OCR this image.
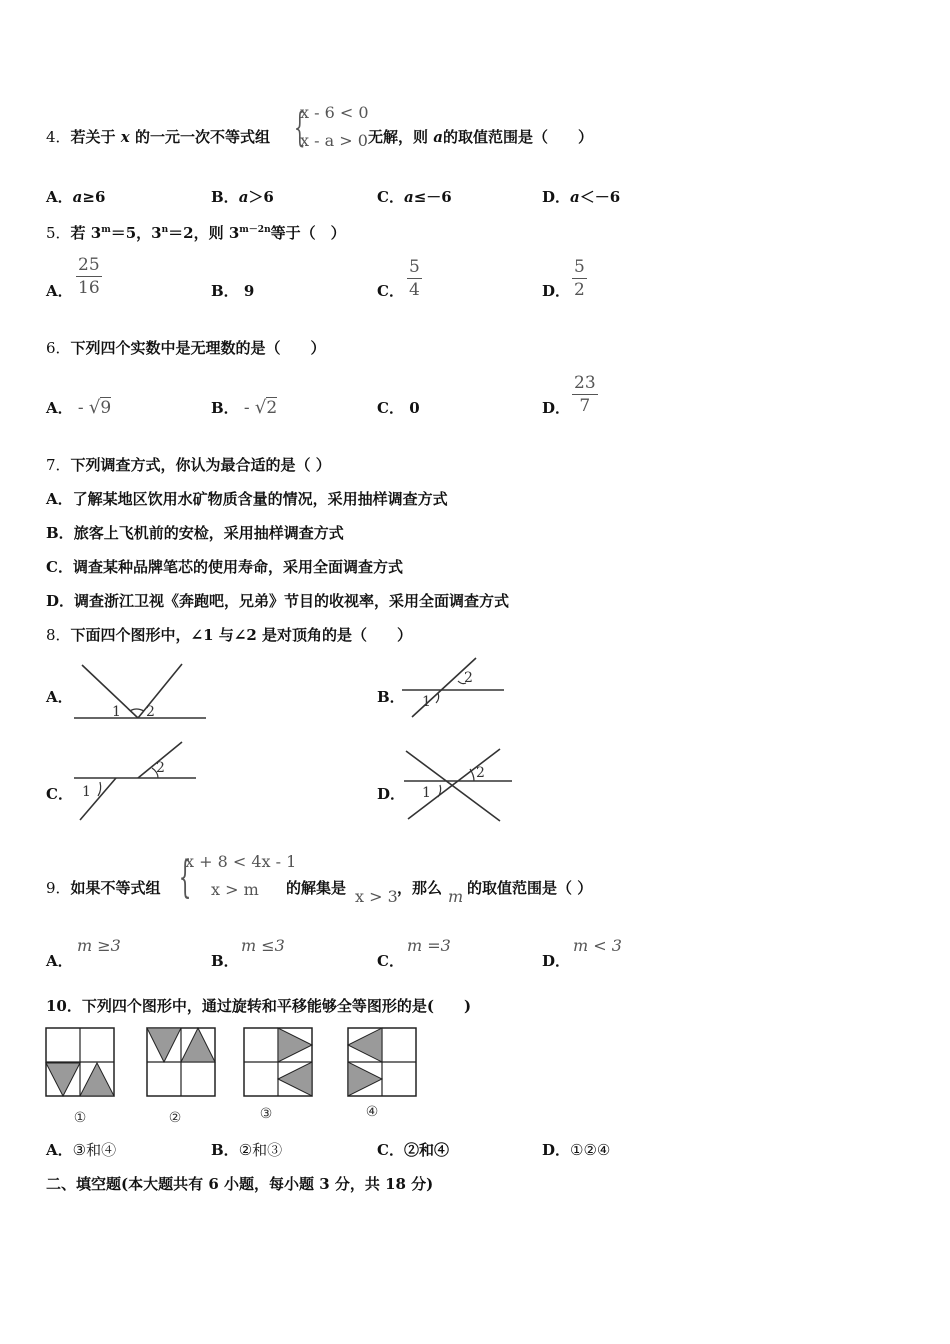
4．若关于 x 的一元一次不等式组 {
x - 6 < 0
x - a > 0 无解，则 a的取值范围是（　　）
A．a≥6	B．a＞6	C．a≤－6	D．a＜－6
5．若 $3^m=5$，$3^n=2$，则 $3^{m-2n}$等于（　）
A． $\frac{25}{16}$	B． 9	C． $\frac{5}{4}$	D． $\frac{5}{2}$
6．下列四个实数中是无理数的是（　　）
A． - √9	B． - √2	C． 0	D． $\frac{23}{7}$
7．下列调查方式，你认为最合适的是（ ）
A．了解某地区饮用水矿物质含量的情况，采用抽样调查方式
B．旅客上飞机前的安检，采用抽样调查方式
C．调查某种品牌笔芯的使用寿命，采用全面调查方式
D．调查浙江卫视《奔跑吧，兄弟》节目的收视率，采用全面调查方式
8．下面四个图形中，∠1 与∠2 是对顶角的是（　　）
A．
1 2
B． 1
2
C． 1
2
D． 1
2
9．如果不等式组 {
x + 8 < 4x - 1
x > m	的解集是 x > 3 ，那么 m 的取值范围是（ ）
A．
m ≥3
B．
m ≤3
C．
m =3
D．
m < 3
10．下列四个图形中，通过旋转和平移能够全等图形的是(　　)
①	②	③	④
A．③和④	B．②和③	C．②和④	D．①②④
二、填空题(本大题共有 6 小题，每小题 3 分，共 18 分)
